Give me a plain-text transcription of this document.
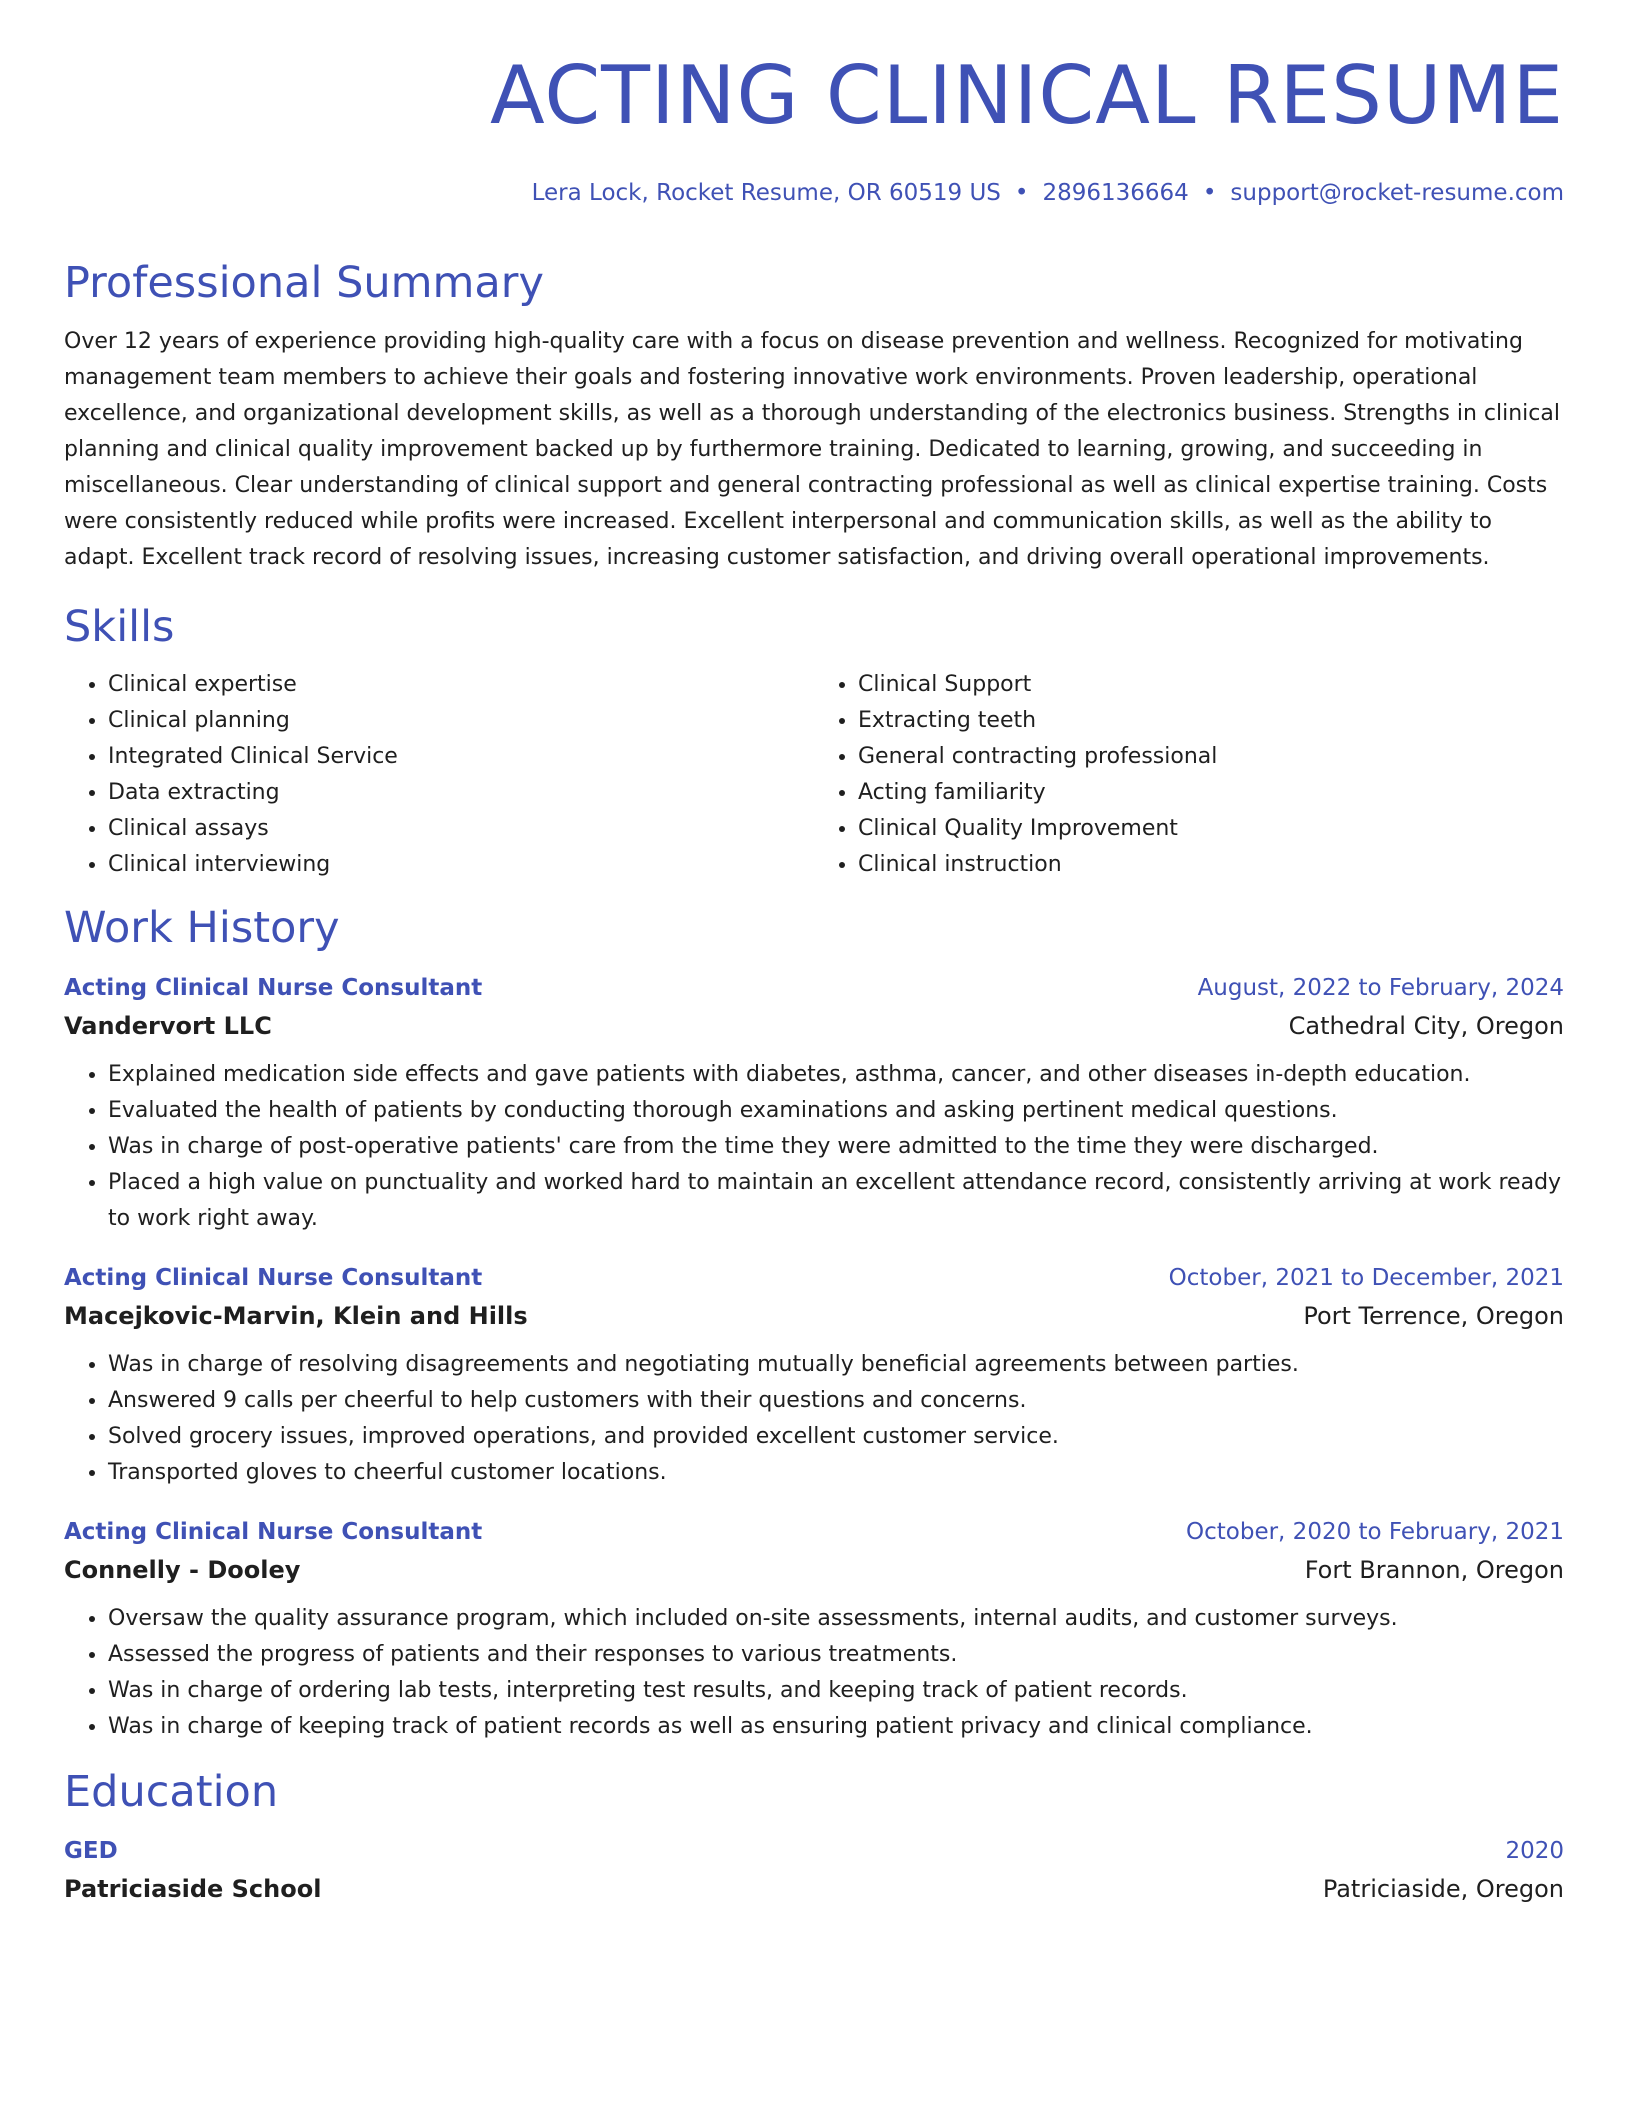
ACTING CLINICAL RESUME
Lera Lock, Rocket Resume, OR 60519 US • 2896136664 • support@rocket-resume.com
Professional Summary

Over 12 years of experience providing high-quality care with a focus on disease prevention and wellness. Recognized for motivating management team members to achieve their goals and fostering innovative work environments. Proven leadership, operational excellence, and organizational development skills, as well as a thorough understanding of the electronics business. Strengths in clinical planning and clinical quality improvement backed up by furthermore training. Dedicated to learning, growing, and succeeding in miscellaneous. Clear understanding of clinical support and general contracting professional as well as clinical expertise training. Costs were consistently reduced while profits were increased. Excellent interpersonal and communication skills, as well as the ability to adapt. Excellent track record of resolving issues, increasing customer satisfaction, and driving overall operational improvements.

Skills
• Clinical expertise
• Clinical planning
• Integrated Clinical Service
• Data extracting
• Clinical assays
• Clinical interviewing
• Clinical Support
• Extracting teeth
• General contracting professional
• Acting familiarity
• Clinical Quality Improvement
• Clinical instruction
Work History
Acting Clinical Nurse Consultant	August, 2022 to February, 2024
Vandervort LLC	Cathedral City, Oregon
• Explained medication side effects and gave patients with diabetes, asthma, cancer, and other diseases in-depth education.
• Evaluated the health of patients by conducting thorough examinations and asking pertinent medical questions.
• Was in charge of post-operative patients' care from the time they were admitted to the time they were discharged.
• Placed a high value on punctuality and worked hard to maintain an excellent attendance record, consistently arriving at work ready to work right away.
Acting Clinical Nurse Consultant	October, 2021 to December, 2021
Macejkovic-Marvin, Klein and Hills	Port Terrence, Oregon
• Was in charge of resolving disagreements and negotiating mutually beneficial agreements between parties.
• Answered 9 calls per cheerful to help customers with their questions and concerns.
• Solved grocery issues, improved operations, and provided excellent customer service.
• Transported gloves to cheerful customer locations.
Acting Clinical Nurse Consultant	October, 2020 to February, 2021
Connelly - Dooley	Fort Brannon, Oregon
• Oversaw the quality assurance program, which included on-site assessments, internal audits, and customer surveys.
• Assessed the progress of patients and their responses to various treatments.
• Was in charge of ordering lab tests, interpreting test results, and keeping track of patient records.
• Was in charge of keeping track of patient records as well as ensuring patient privacy and clinical compliance.
Education
GED	2020
Patriciaside School	Patriciaside, Oregon
